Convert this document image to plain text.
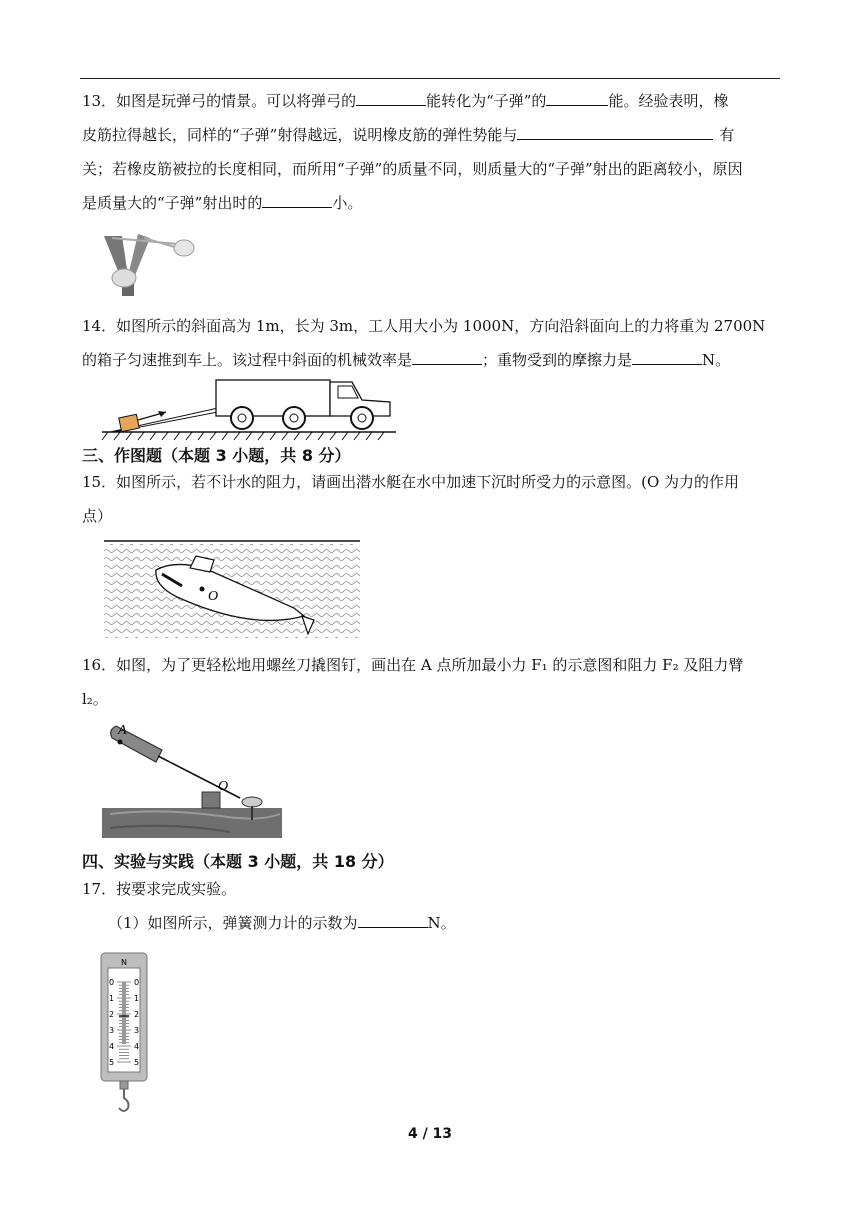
13．如图是玩弹弓的情景。可以将弹弓的	能转化为“子弹”的	能。经验表明，橡
皮筋拉得越长，同样的“子弹”射得越远，说明橡皮筋的弹性势能与	有
关；若橡皮筋被拉的长度相同，而所用“子弹”的质量不同，则质量大的“子弹”射出的距离较小，原因
是质量大的“子弹”射出时的	小。
14．如图所示的斜面高为 1m，长为 3m，工人用大小为 1000N，方向沿斜面向上的力将重为 2700N
的箱子匀速推到车上。该过程中斜面的机械效率是	；重物受到的摩擦力是	N。
三、作图题（本题 3 小题，共 8 分）
15．如图所示，若不计水的阻力，请画出潜水艇在水中加速下沉时所受力的示意图。(O 为力的作用
点）
O
16．如图，为了更轻松地用螺丝刀撬图钉，画出在 A 点所加最小力 F₁ 的示意图和阻力 F₂ 及阻力臂
l₂。
A
O
四、实验与实践（本题 3 小题，共 18 分）
17．按要求完成实验。
（1）如图所示，弹簧测力计的示数为	N。
N
0
1
2
3
4
5
0
1
2
3
4
5
4 / 13
